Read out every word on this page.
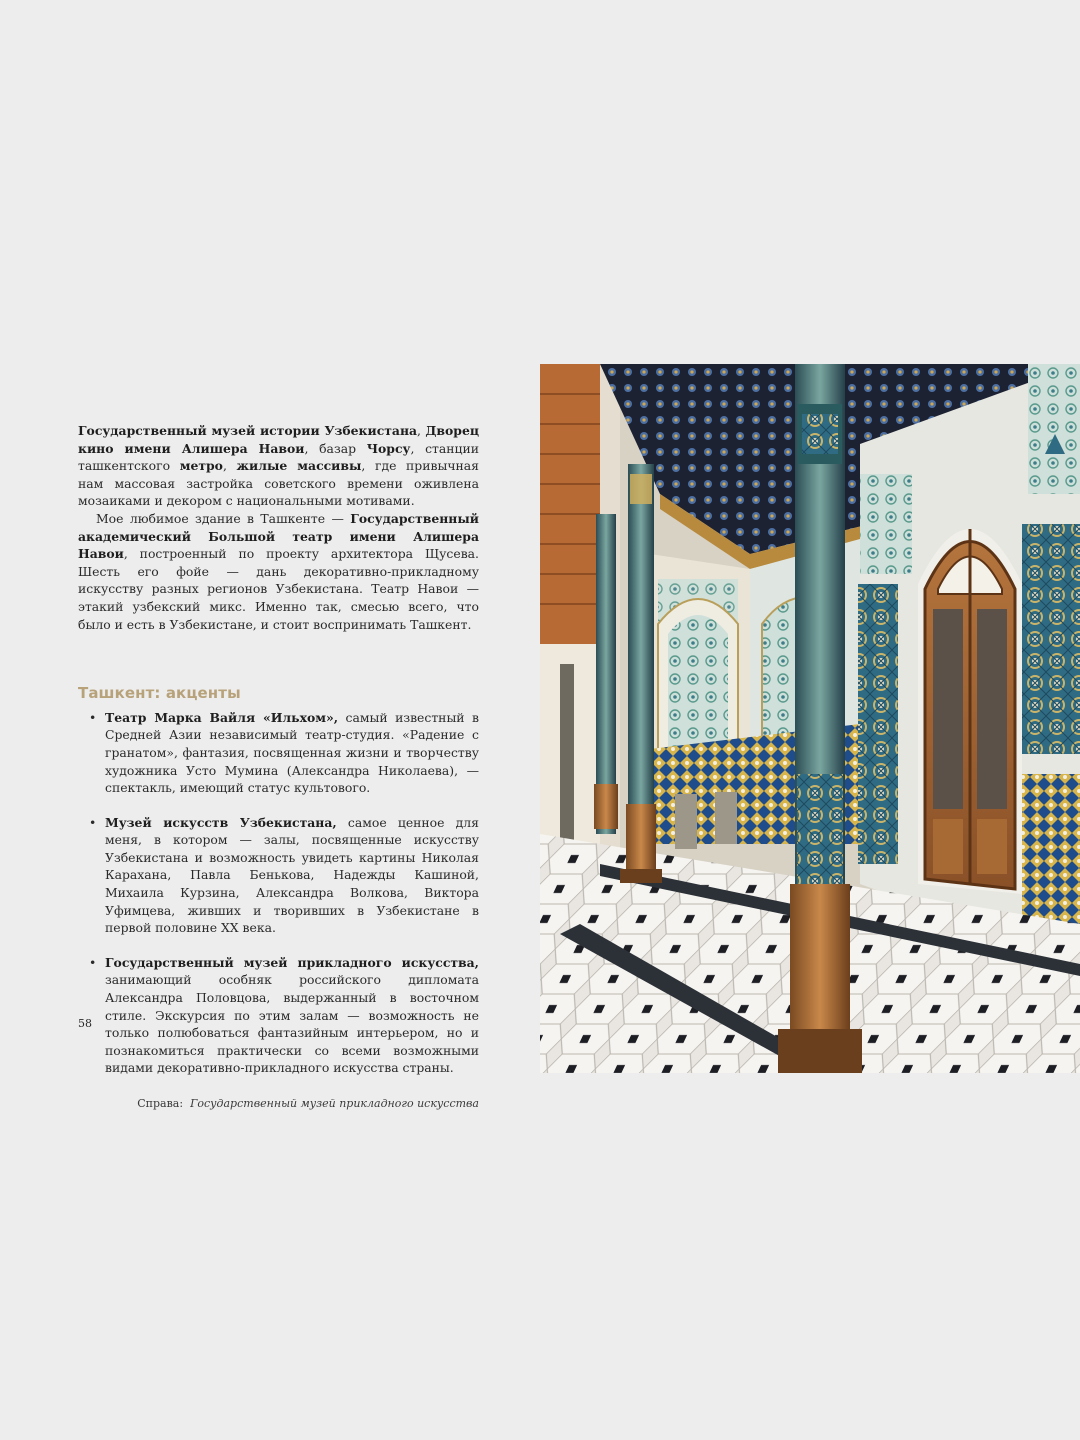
Государственный музей истории Узбекистана, Дворец кино имени Алишера Навои, базар Чорсу, станции ташкентского метро, жилые массивы, где привычная нам массовая застройка советского времени оживлена мозаиками и декором с национальными мотивами.

Мое любимое здание в Ташкенте — Государственный академический Большой театр имени Алишера Навои, построенный по проекту архитектора Щусева. Шесть его фойе — дань декоративно-прикладному искусству разных регионов Узбекистана. Театр Навои — этакий узбекский микс. Именно так, смесью всего, что было и есть в Узбекистане, и стоит воспринимать Ташкент.

Ташкент: акценты
• Театр Марка Вайля «Ильхом», самый известный в Средней Азии независимый театр-студия. «Радение с гранатом», фантазия, посвященная жизни и творчеству художника Усто Мумина (Александра Николаева), — спектакль, имеющий статус культового.
• Музей искусств Узбекистана, самое ценное для меня, в котором — залы, посвященные искусству Узбекистана и возможность увидеть картины Николая Карахана, Павла Бенькова, Надежды Кашиной, Михаила Курзина, Александра Волкова, Виктора Уфимцева, живших и творивших в Узбекистане в первой половине XX века.
• Государственный музей прикладного искусства, занимающий особняк российского дипломата Александра Половцова, выдержанный в восточном стиле. Экскурсия по этим залам — возможность не только полюбоваться фантазийным интерьером, но и познакомиться практически со всеми возможными видами декоративно-прикладного искусства страны.
Справа: Государственный музей прикладного искусства
58
